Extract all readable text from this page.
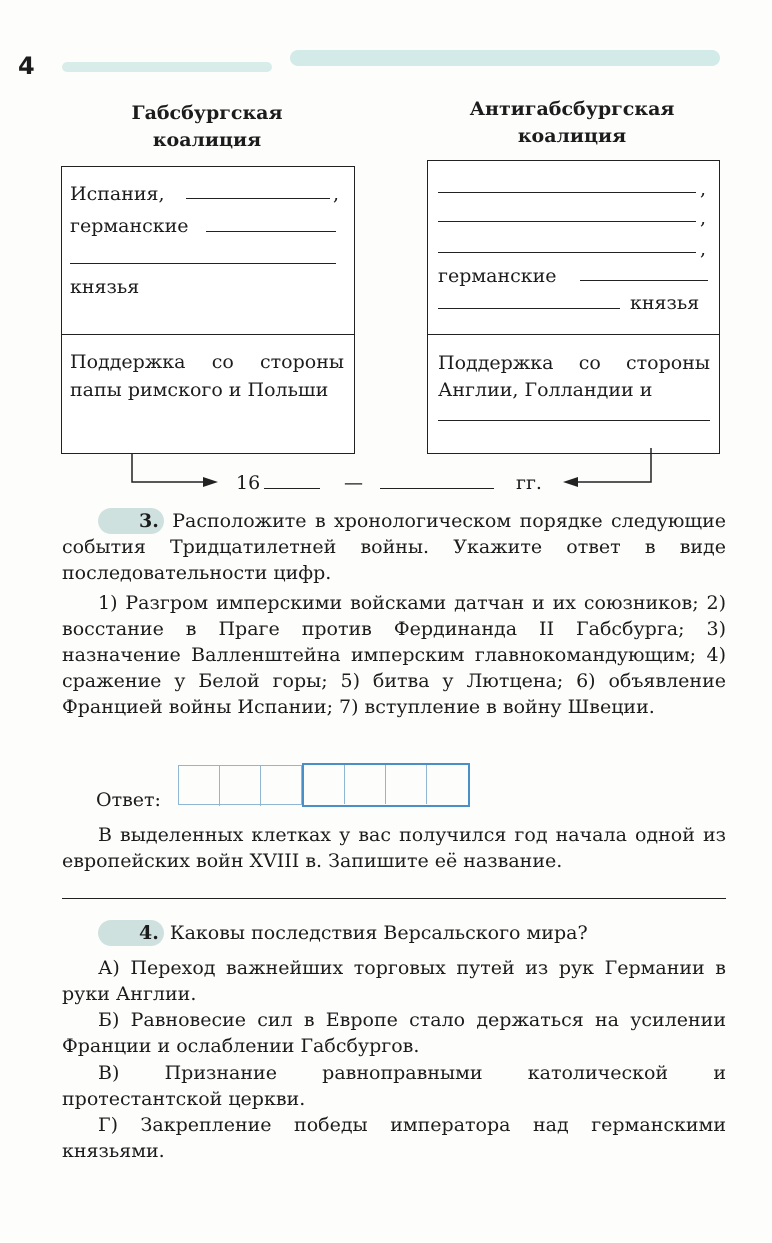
4
Габсбургская
коалиция
Испания,	,
германские
князья
Поддержка со стороны папы римского и Польши
Антигабсбургская
коалиция
,
,
,
германские
князья
Поддержка со стороны Англии, Голландии и
16	—	гг.
3. Расположите в хронологическом порядке следующие события Тридцатилетней войны. Укажите ответ в виде последовательности цифр.
1) Разгром имперскими войсками датчан и их союзников; 2) восстание в Праге против Фердинанда II Габсбурга; 3) назначение Валленштейна имперским главнокомандующим; 4) сражение у Белой горы; 5) битва у Лютцена; 6) объявление Францией войны Испании; 7) вступление в войну Швеции.
Ответ:
В выделенных клетках у вас получился год начала одной из европейских войн XVIII в. Запишите её название.
4. Каковы последствия Версальского мира?
А) Переход важнейших торговых путей из рук Германии в руки Англии.
Б) Равновесие сил в Европе стало держаться на усилении Франции и ослаблении Габсбургов.
В) Признание равноправными католической и протестантской церкви.
Г) Закрепление победы императора над германскими князьями.
